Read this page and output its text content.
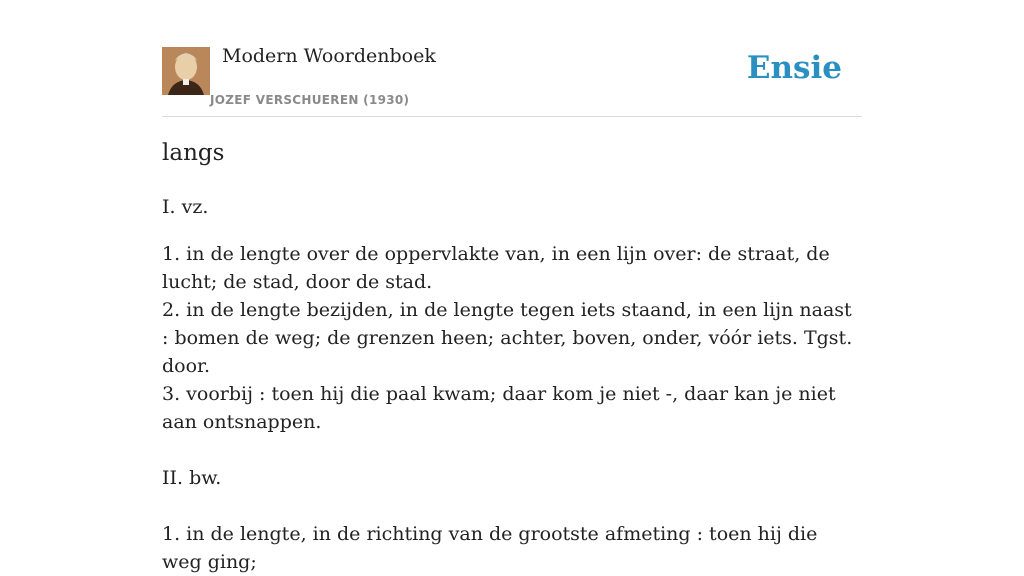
Modern Woordenboek
JOZEF VERSCHUEREN (1930)
Ensie
langs

I. vz.

1. in de lengte over de oppervlakte van, in een lijn over: de straat, de lucht; de stad, door de stad.

2. in de lengte bezijden, in de lengte tegen iets staand, in een lijn naast : bomen de weg; de grenzen heen; achter, boven, onder, vóór iets. Tgst. door.

3. voorbij : toen hij die paal kwam; daar kom je niet -, daar kan je niet aan ontsnappen.

II. bw.

1. in de lengte, in de richting van de grootste afmeting : toen hij die weg ging;
